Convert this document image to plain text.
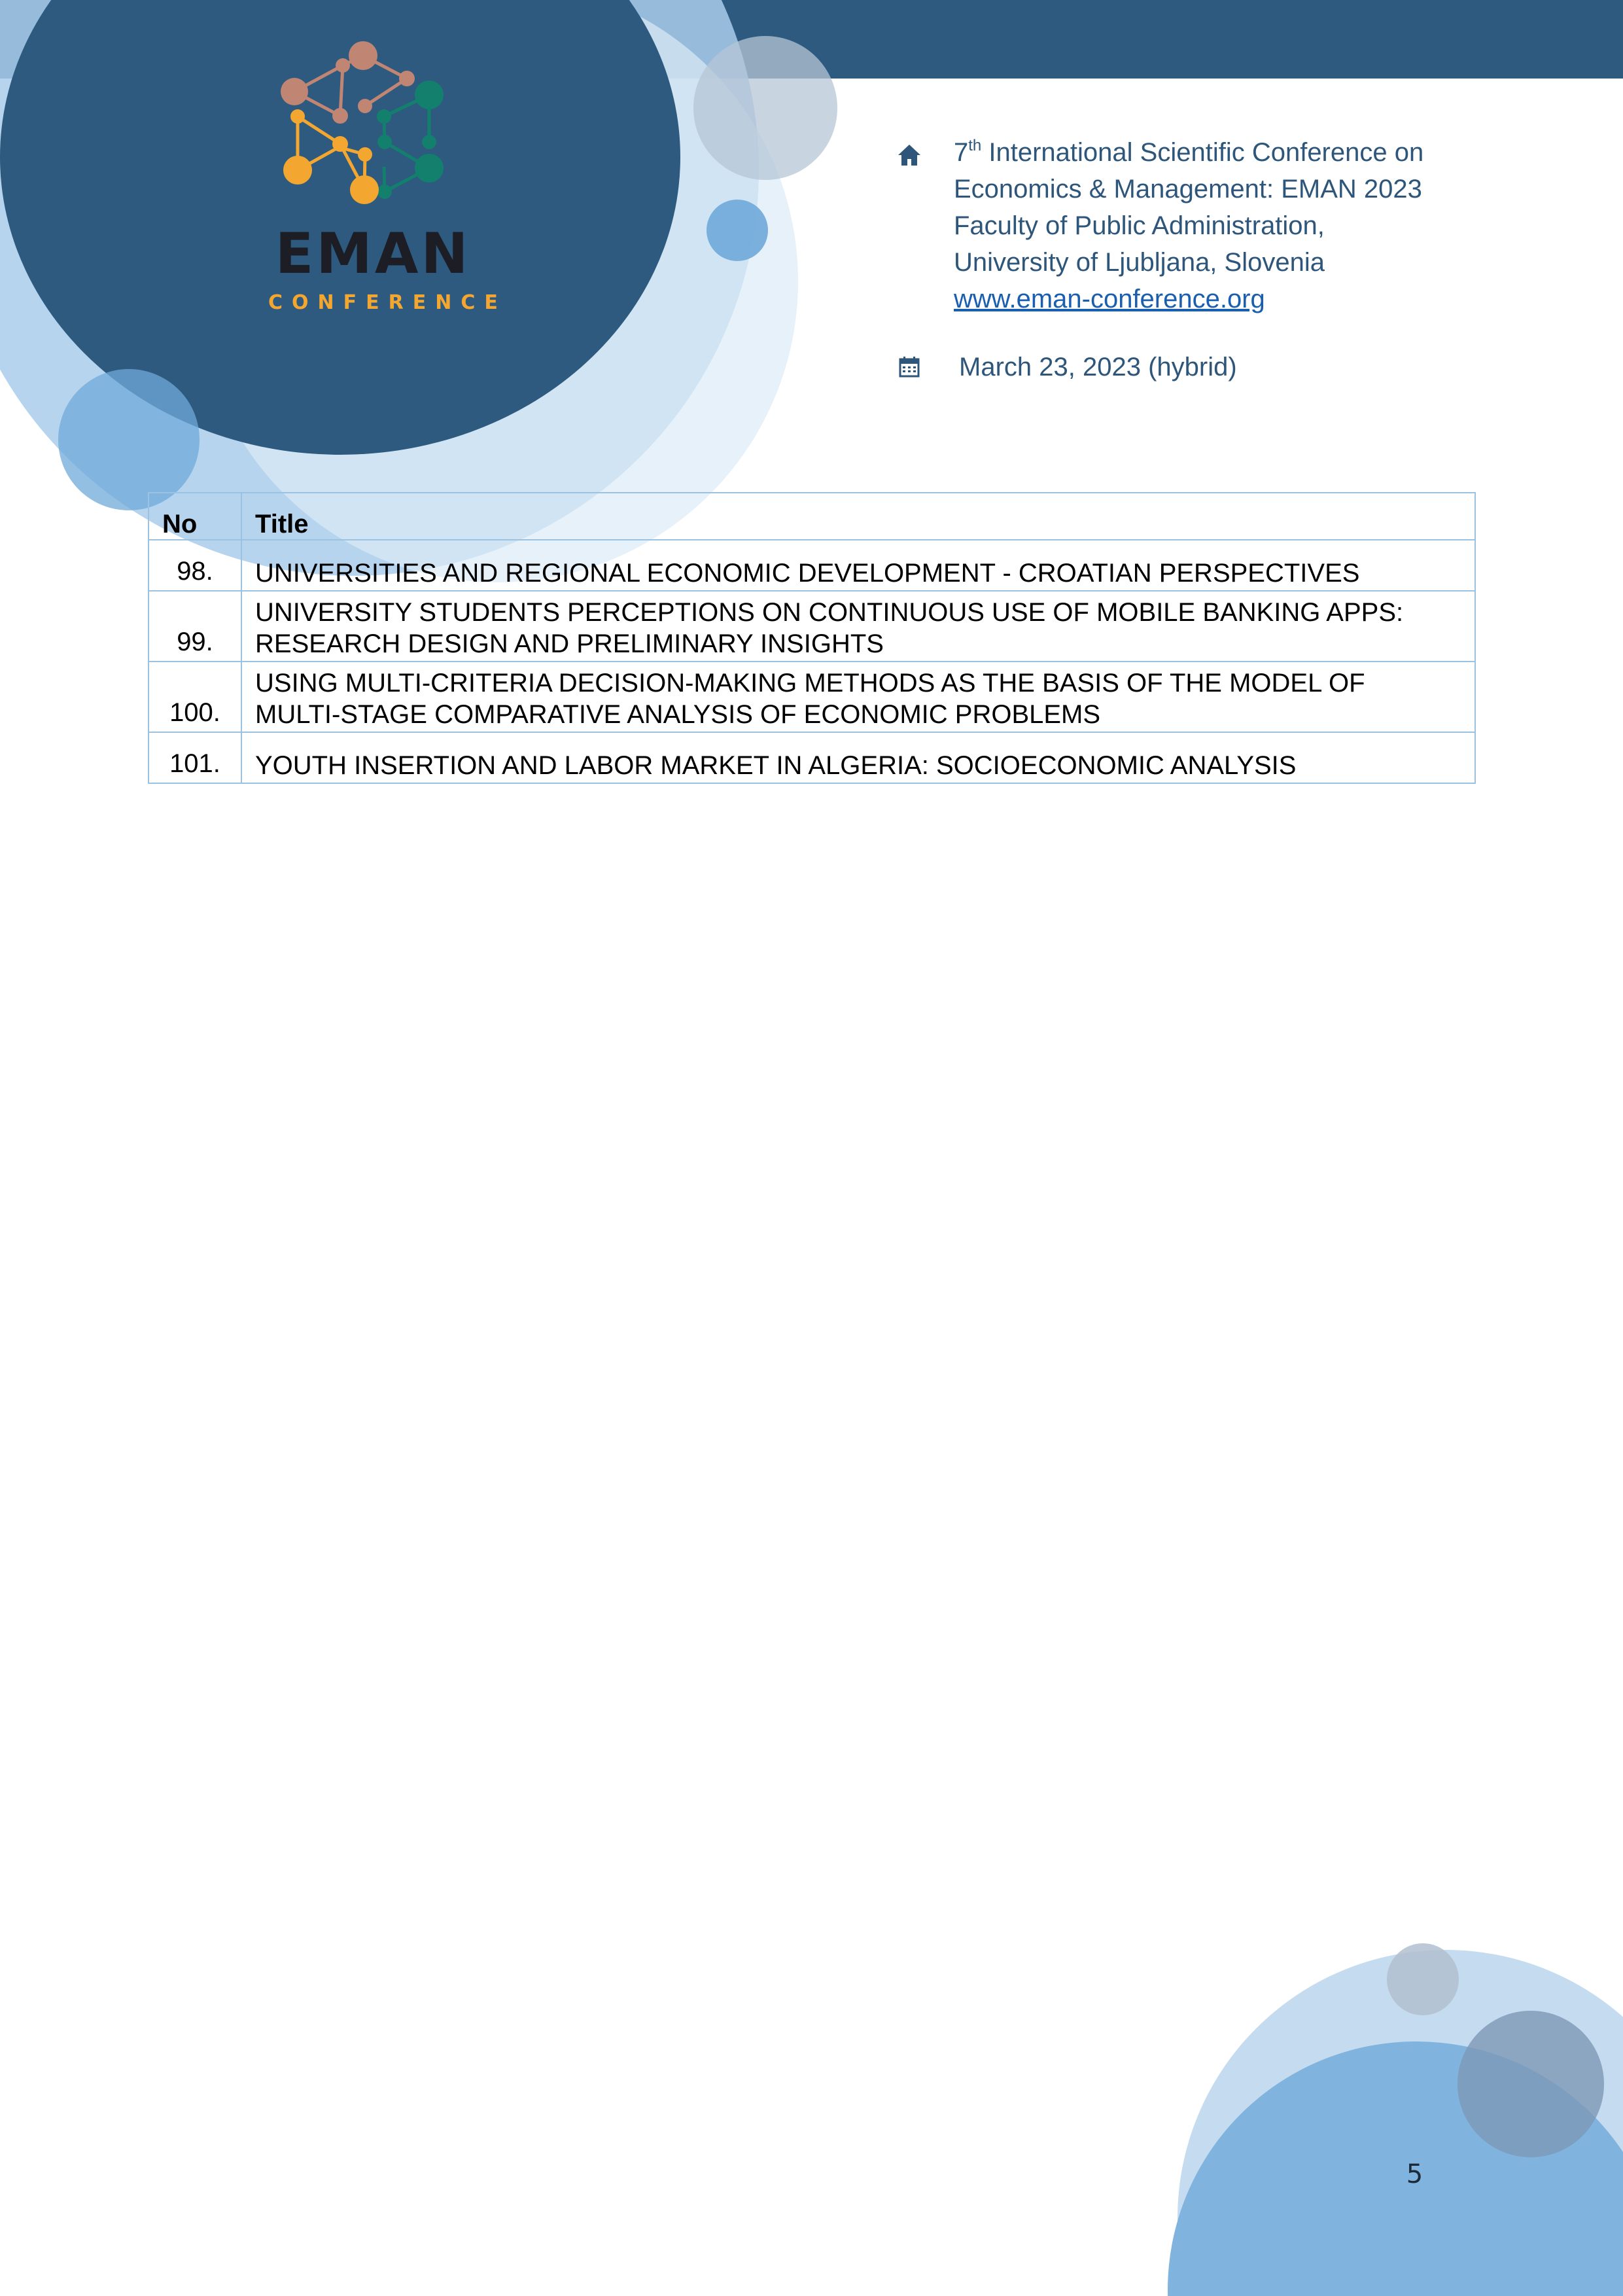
EMAN
CONFERENCE
7th International Scientific Conference on
Economics & Management: EMAN 2023
Faculty of Public Administration,
University of Ljubljana, Slovenia
www.eman-conference.org
March 23, 2023 (hybrid)
No	Title
98.	UNIVERSITIES AND REGIONAL ECONOMIC DEVELOPMENT - CROATIAN PERSPECTIVES
99.	UNIVERSITY STUDENTS PERCEPTIONS ON CONTINUOUS USE OF MOBILE BANKING APPS:
RESEARCH DESIGN AND PRELIMINARY INSIGHTS
100.	USING MULTI-CRITERIA DECISION-MAKING METHODS AS THE BASIS OF THE MODEL OF
MULTI-STAGE COMPARATIVE ANALYSIS OF ECONOMIC PROBLEMS
101.	YOUTH INSERTION AND LABOR MARKET IN ALGERIA: SOCIOECONOMIC ANALYSIS
5
